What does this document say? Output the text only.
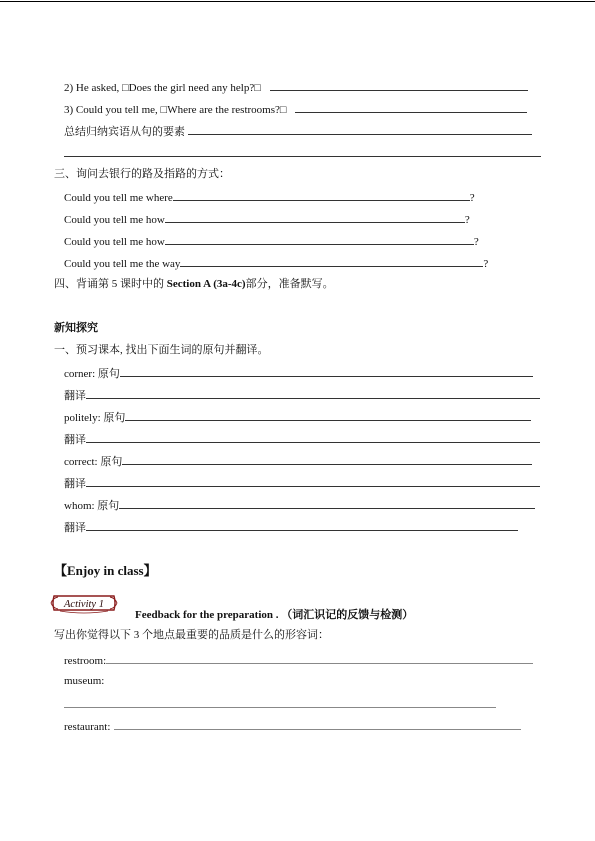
2) He asked, □Does the girl need any help?□
3) Could you tell me, □Where are the restrooms?□
总结归纳宾语从句的要素
三、询问去银行的路及指路的方式：
Could you tell me where	?
Could you tell me how	?
Could you tell me how	?
Could you tell me the way	?
四、背诵第 5 课时中的 Section A (3a-4c)部分，准备默写。
新知探究
一、预习课本, 找出下面生词的原句并翻译。
corner: 原句
翻译
politely: 原句
翻译
correct: 原句
翻译
whom: 原句
翻译
【Enjoy in class】
Activity 1
Feedback for the preparation . （词汇识记的反馈与检测）
写出你觉得以下 3 个地点最重要的品质是什么的形容词：
restroom:
museum:
restaurant:
